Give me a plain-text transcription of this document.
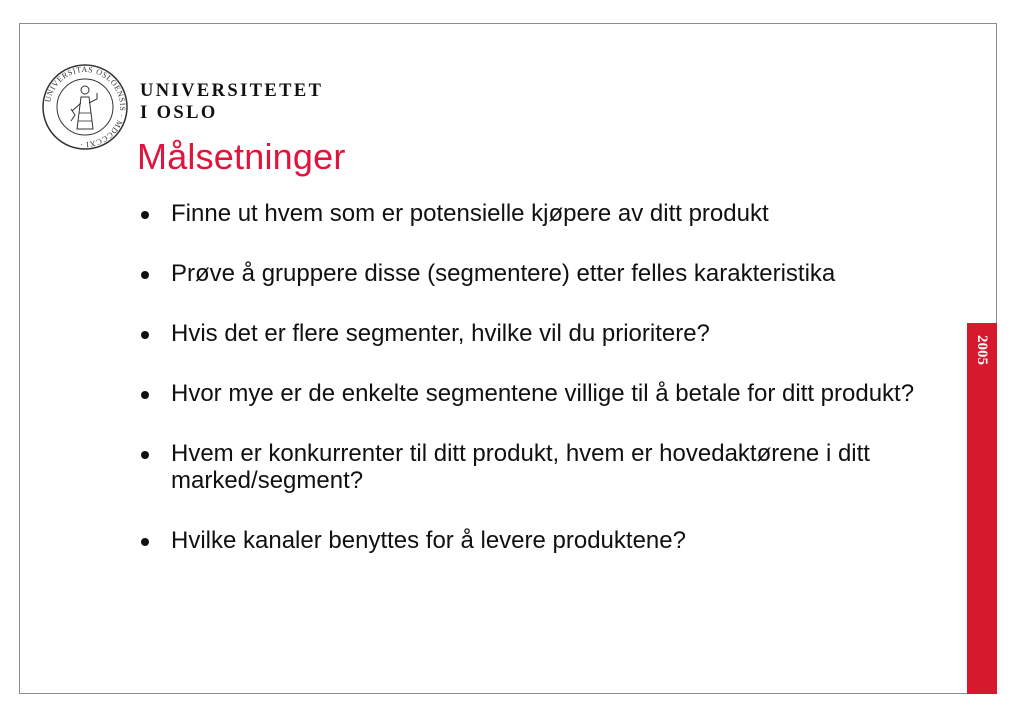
UNIVERSITAS OSLOENSIS · MDCCCXI ·
UNIVERSITETET
I OSLO
Målsetninger
Finne ut hvem som er potensielle kjøpere av ditt produkt
Prøve å gruppere disse (segmentere) etter felles karakteristika
Hvis det er flere segmenter, hvilke vil du prioritere?
Hvor mye er de enkelte segmentene villige til å betale for ditt produkt?
Hvem er konkurrenter til ditt produkt, hvem er hovedaktørene i ditt marked/segment?
Hvilke kanaler benyttes for å levere produktene?
2005
